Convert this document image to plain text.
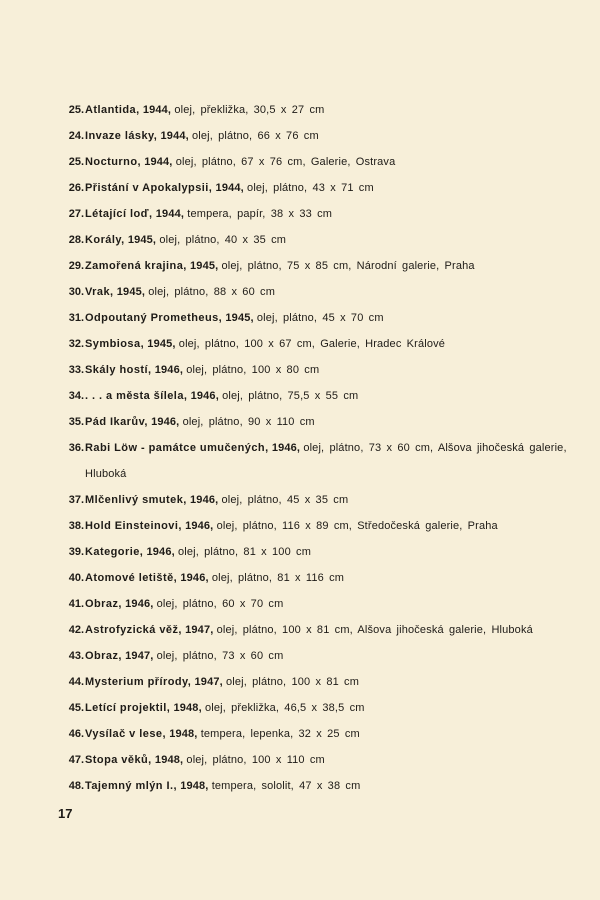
25. Atlantida, 1944, olej, překližka, 30,5 x 27 cm
24. Invaze lásky, 1944, olej, plátno, 66 x 76 cm
25. Nocturno, 1944, olej, plátno, 67 x 76 cm, Galerie, Ostrava
26. Přistání v Apokalypsii, 1944, olej, plátno, 43 x 71 cm
27. Létající loď, 1944, tempera, papír, 38 x 33 cm
28. Korály, 1945, olej, plátno, 40 x 35 cm
29. Zamořená krajina, 1945, olej, plátno, 75 x 85 cm, Národní galerie, Praha
30. Vrak, 1945, olej, plátno, 88 x 60 cm
31. Odpoutaný Prometheus, 1945, olej, plátno, 45 x 70 cm
32. Symbiosa, 1945, olej, plátno, 100 x 67 cm, Galerie, Hradec Králové
33. Skály hostí, 1946, olej, plátno, 100 x 80 cm
34. . . . a města šílela, 1946, olej, plátno, 75,5 x 55 cm
35. Pád Ikarův, 1946, olej, plátno, 90 x 110 cm
36. Rabi Löw - památce umučených, 1946, olej, plátno, 73 x 60 cm, Alšova jihočeská galerie, Hluboká
37. Mlčenlivý smutek, 1946, olej, plátno, 45 x 35 cm
38. Hold Einsteinovi, 1946, olej, plátno, 116 x 89 cm, Středočeská galerie, Praha
39. Kategorie, 1946, olej, plátno, 81 x 100 cm
40. Atomové letiště, 1946, olej, plátno, 81 x 116 cm
41. Obraz, 1946, olej, plátno, 60 x 70 cm
42. Astrofyzická věž, 1947, olej, plátno, 100 x 81 cm, Alšova jihočeská galerie, Hluboká
43. Obraz, 1947, olej, plátno, 73 x 60 cm
44. Mysterium přírody, 1947, olej, plátno, 100 x 81 cm
45. Letící projektil, 1948, olej, překližka, 46,5 x 38,5 cm
46. Vysílač v lese, 1948, tempera, lepenka, 32 x 25 cm
47. Stopa věků, 1948, olej, plátno, 100 x 110 cm
48. Tajemný mlýn I., 1948, tempera, sololit, 47 x 38 cm
17
